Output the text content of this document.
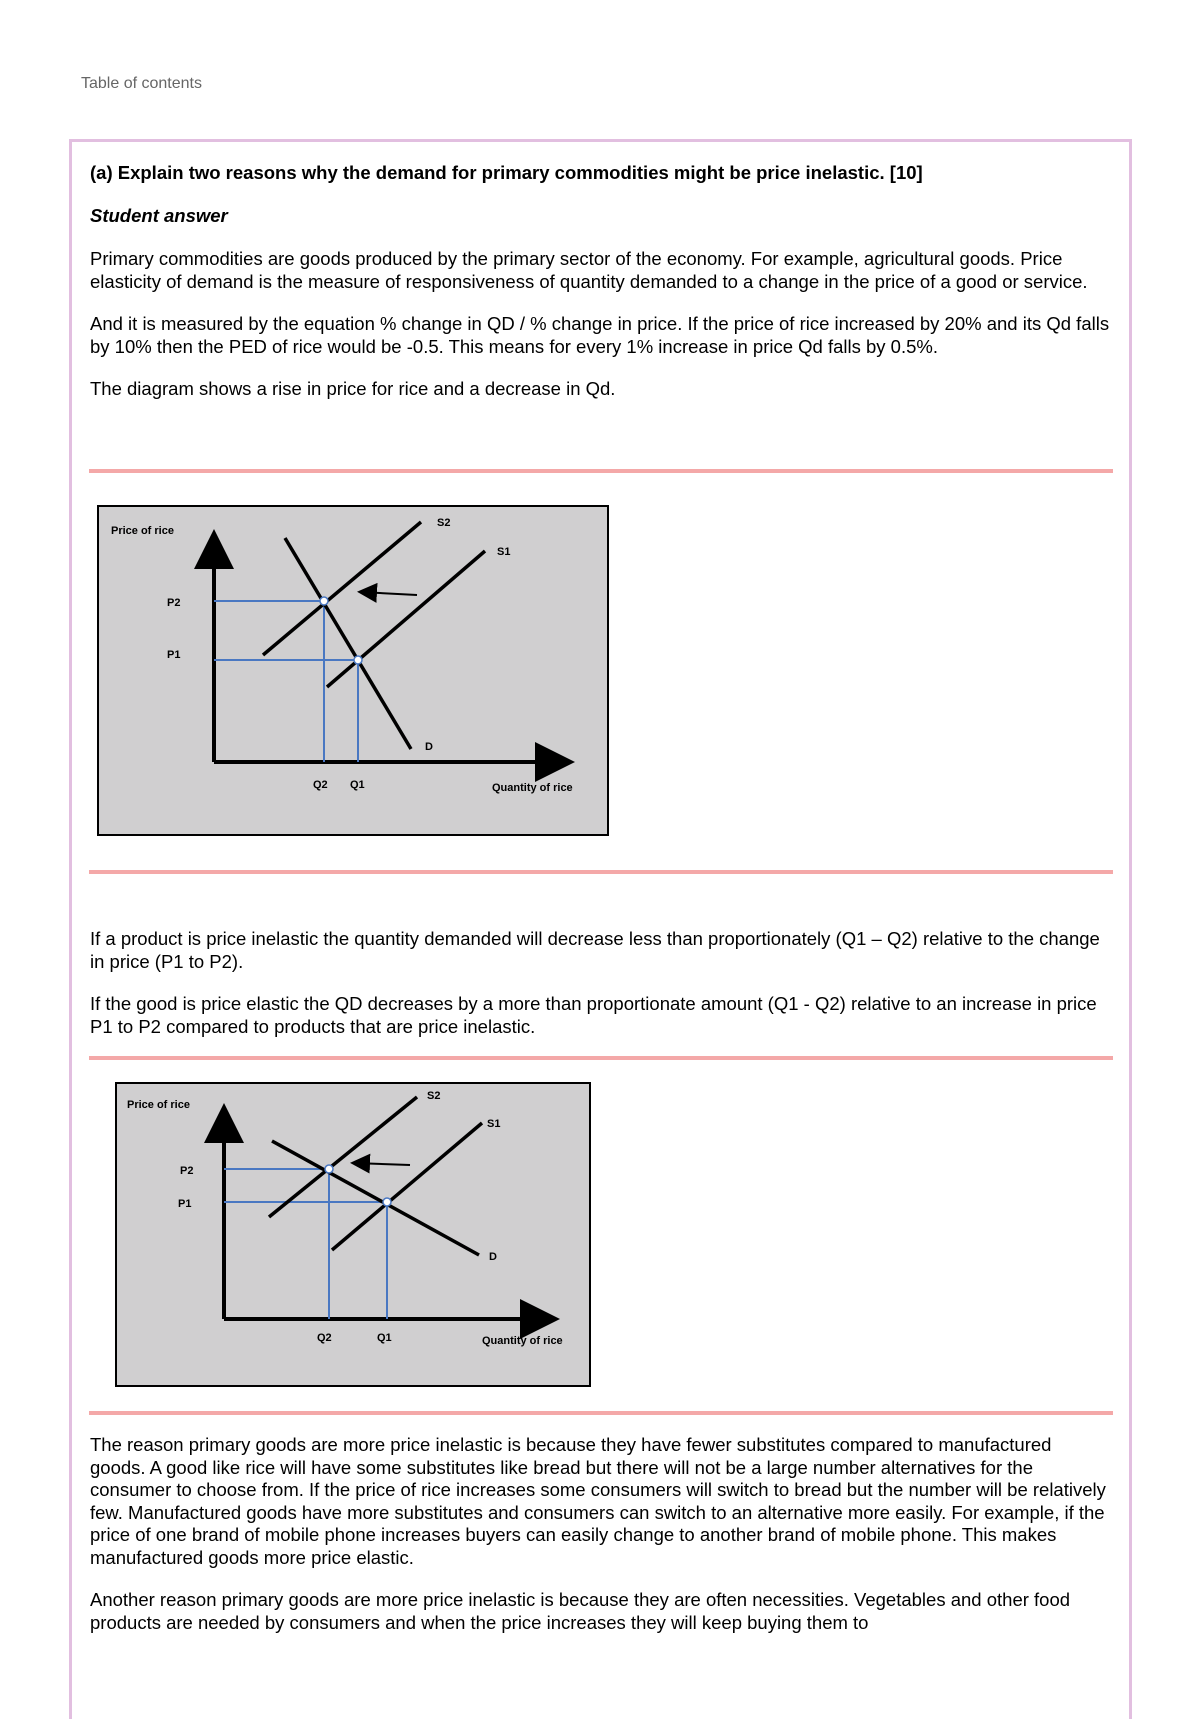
Table of contents
(a) Explain two reasons why the demand for primary commodities might be price inelastic. [10]
Student answer

Primary commodities are goods produced by the primary sector of the economy. For example, agricultural goods. Price elasticity of demand is the measure of responsiveness of quantity demanded to a change in the price of a good or service.

And it is measured by the equation % change in QD / % change in price. If the price of rice increased by 20% and its Qd falls by 10% then the PED of rice would be -0.5. This means for every 1% increase in price Qd falls by 0.5%.

The diagram shows a rise in price for rice and a decrease in Qd.

Price of rice
Quantity of rice
P2
P1
Q2 Q1
S2
S1
D

If a product is price inelastic the quantity demanded will decrease less than proportionately (Q1 – Q2) relative to the change in price (P1 to P2).

If the good is price elastic the QD decreases by a more than proportionate amount (Q1 - Q2) relative to an increase in price P1 to P2 compared to products that are price inelastic.

Price of rice
Quantity of rice
P2
P1
Q2	Q1
S2
S1
D

The reason primary goods are more price inelastic is because they have fewer substitutes compared to manufactured goods. A good like rice will have some substitutes like bread but there will not be a large number alternatives for the consumer to choose from. If the price of rice increases some consumers will switch to bread but the number will be relatively few. Manufactured goods have more substitutes and consumers can switch to an alternative more easily. For example, if the price of one brand of mobile phone increases buyers can easily change to another brand of mobile phone. This makes manufactured goods more price elastic.

Another reason primary goods are more price inelastic is because they are often necessities. Vegetables and other food products are needed by consumers and when the price increases they will keep buying them to
